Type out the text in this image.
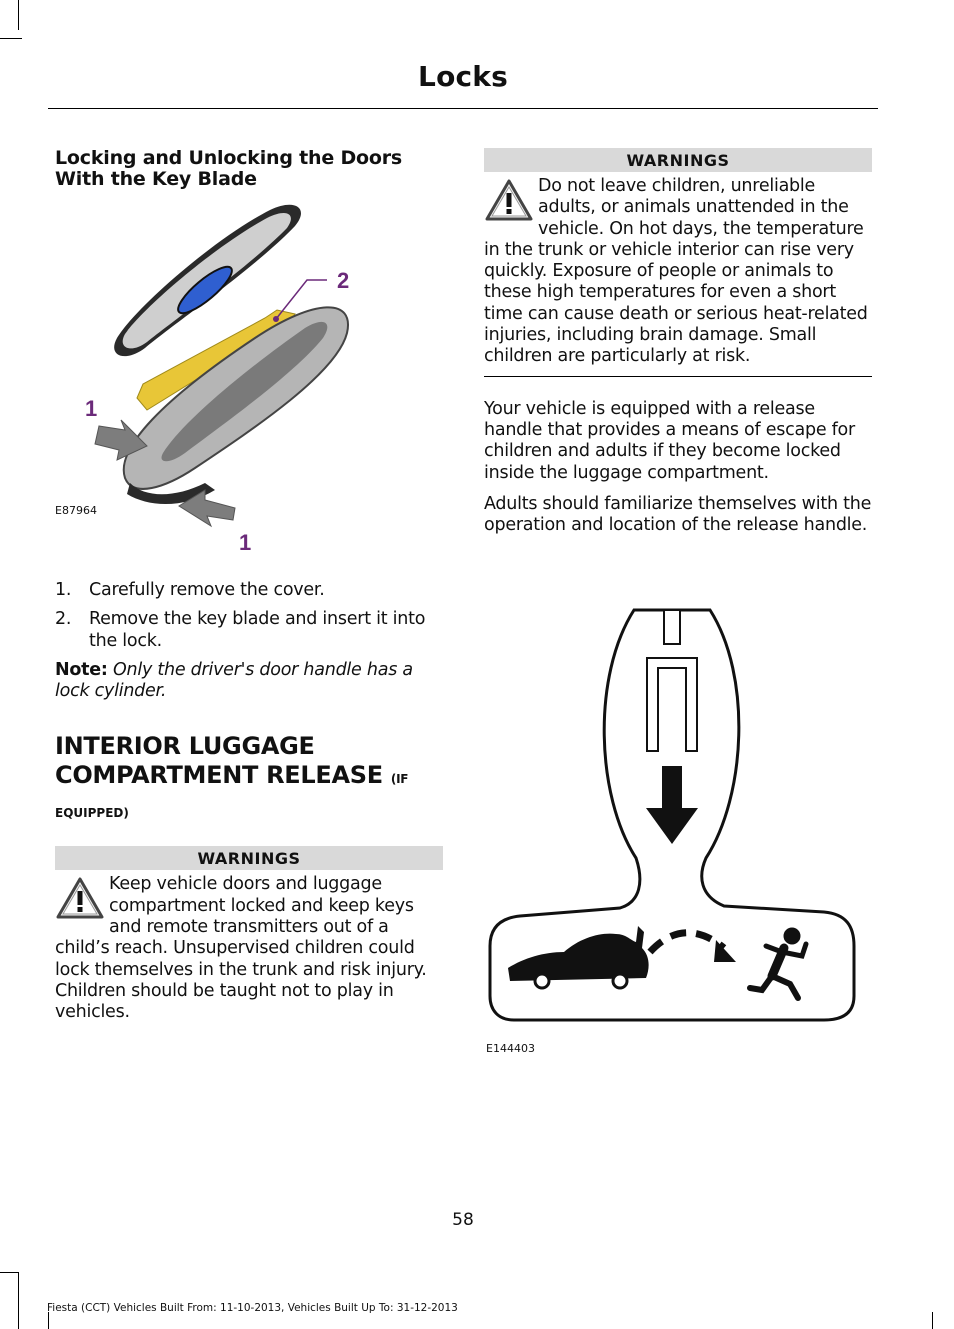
Locks
Locking and Unlocking the Doors With the Key Blade
2
1
1
E87964
1. Carefully remove the cover.
2. Remove the key blade and insert it into the lock.

Note: Only the driver's door handle has a lock cylinder.

INTERIOR LUGGAGE COMPARTMENT RELEASE (IF
EQUIPPED)
WARNINGS

Keep vehicle doors and luggage compartment locked and keep keys and remote transmitters out of a child’s reach. Unsupervised children could lock themselves in the trunk and risk injury. Children should be taught not to play in vehicles.

WARNINGS

Do not leave children, unreliable adults, or animals unattended in the vehicle. On hot days, the temperature in the trunk or vehicle interior can rise very quickly. Exposure of people or animals to these high temperatures for even a short time can cause death or serious heat-related injuries, including brain damage. Small children are particularly at risk.

Your vehicle is equipped with a release handle that provides a means of escape for children and adults if they become locked inside the luggage compartment.

Adults should familiarize themselves with the operation and location of the release handle.

E144403
58
Fiesta (CCT) Vehicles Built From: 11-10-2013, Vehicles Built Up To: 31-12-2013
